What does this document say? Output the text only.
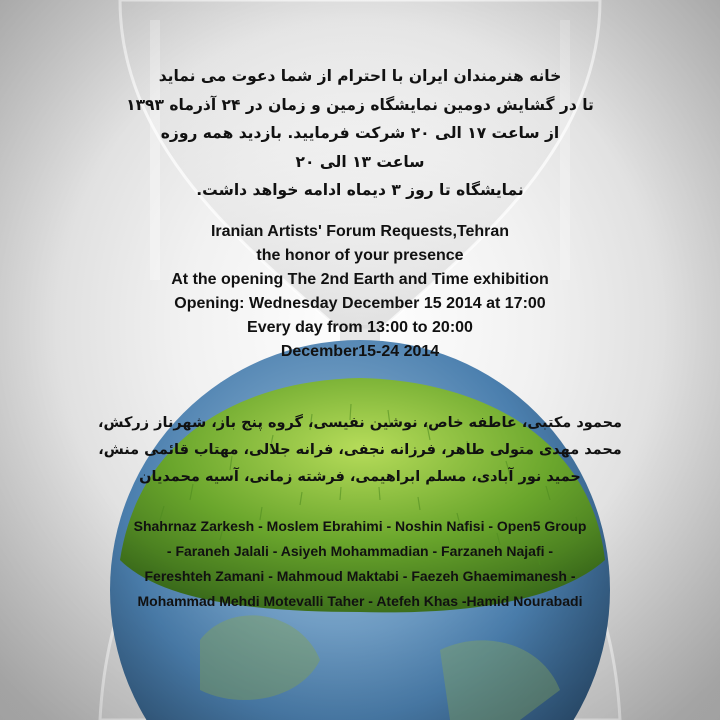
خانه هنرمندان ایران با احترام از شما دعوت می نماید
تا در گشایش دومین نمایشگاه زمین و زمان در ۲۴ آذرماه ۱۳۹۳
از ساعت ۱۷ الی ۲۰ شرکت فرمایید. بازدید همه روزه
ساعت ۱۳ الی ۲۰
نمایشگاه تا روز ۳ دیماه ادامه خواهد داشت.
Iranian Artists' Forum Requests,Tehran
the honor of your presence
At the opening The 2nd Earth and Time exhibition
Opening: Wednesday December 15 2014 at 17:00
Every day from 13:00 to 20:00
December15-24 2014
محمود مکتبی، عاطفه خاص، نوشین نفیسی، گروه پنج باز، شهرناز زرکش،
محمد مهدی متولی طاهر، فرزانه نجفی، فرانه جلالی، مهتاب قائمی منش،
حمید نور آبادی، مسلم ابراهیمی، فرشته زمانی، آسیه محمدیان
Shahrnaz Zarkesh - Moslem Ebrahimi - Noshin Nafisi - Open5 Group
- Faraneh Jalali - Asiyeh Mohammadian - Farzaneh Najafi -
Fereshteh Zamani - Mahmoud Maktabi - Faezeh Ghaemimanesh -
Mohammad Mehdi Motevalli Taher - Atefeh Khas -Hamid Nourabadi
